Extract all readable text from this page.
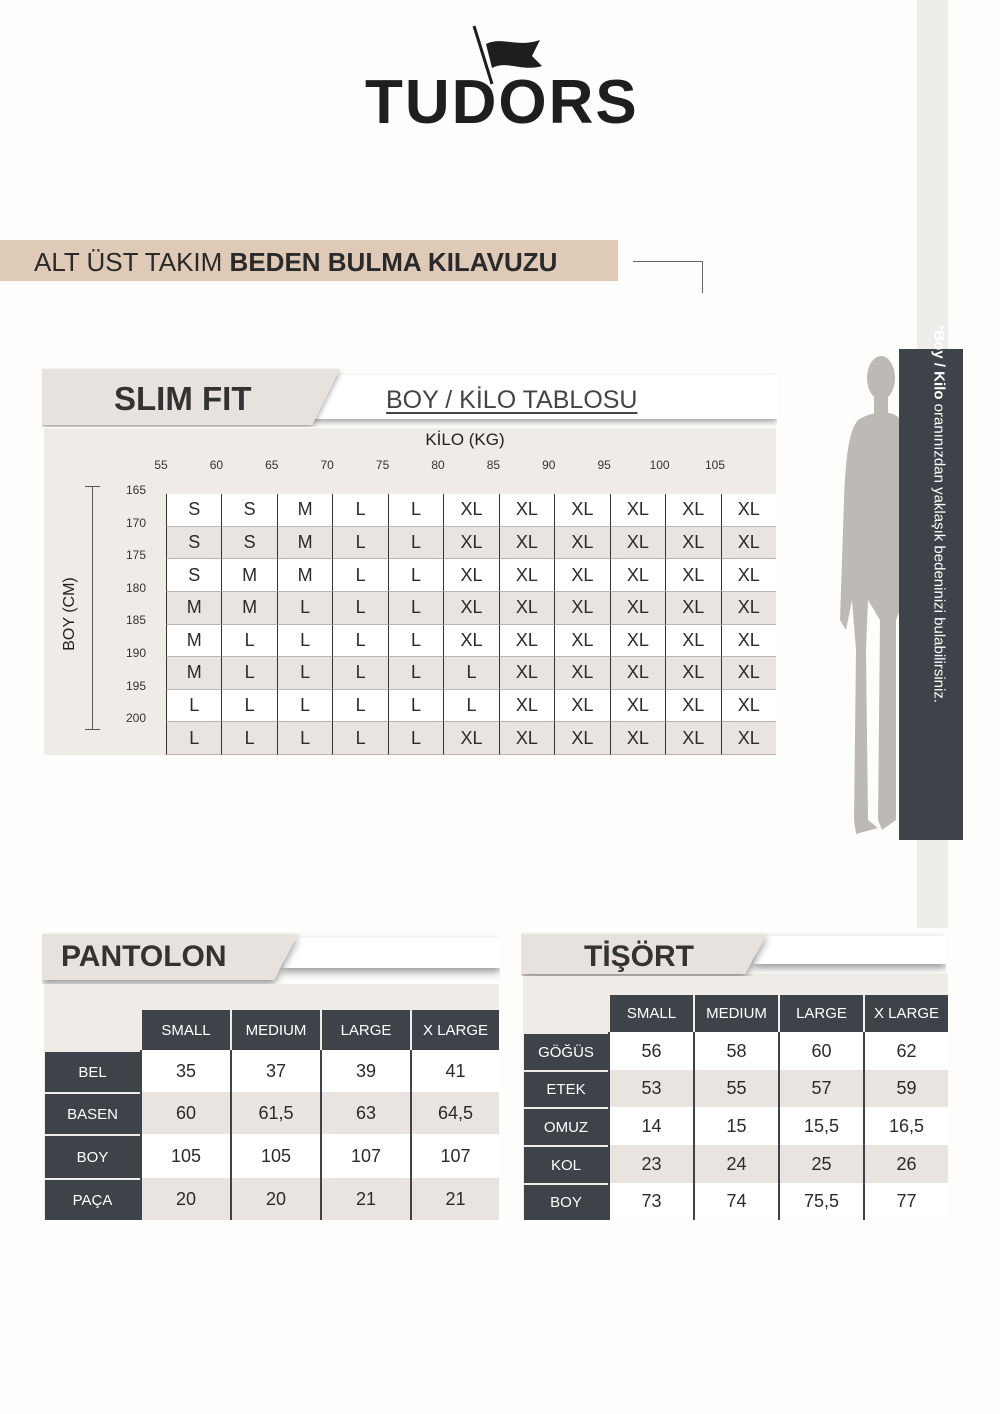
TUDORS
ALT ÜST TAKIM BEDEN BULMA KILAVUZU
SLIM FIT	BOY / KİLO TABLOSU
KİLO (KG)
55	60	65	70	75	80	85	90	95	100	105
BOY (CM)
165
170
175
180
185
190
195
200
S	S	M	L	L	XL	XL	XL	XL	XL	XL
S	S	M	L	L	XL	XL	XL	XL	XL	XL
S	M	M	L	L	XL	XL	XL	XL	XL	XL
M	M	L	L	L	XL	XL	XL	XL	XL	XL
M	L	L	L	L	XL	XL	XL	XL	XL	XL
M	L	L	L	L	L	XL	XL	XL	XL	XL
L	L	L	L	L	L	XL	XL	XL	XL	XL
L	L	L	L	L	XL	XL	XL	XL	XL	XL
*Boy / Kilo oranınızdan yaklaşık bedeninizi bulabilirsiniz.
PANTOLON
SMALL	MEDIUM	LARGE	X LARGE
BEL	35	37	39	41
BASEN	60	61,5	63	64,5
BOY	105	105	107	107
PAÇA	20	20	21	21
TİŞÖRT
SMALL	MEDIUM	LARGE	X LARGE
GÖĞÜS	56	58	60	62
ETEK	53	55	57	59
OMUZ	14	15	15,5	16,5
KOL	23	24	25	26
BOY	73	74	75,5	77
